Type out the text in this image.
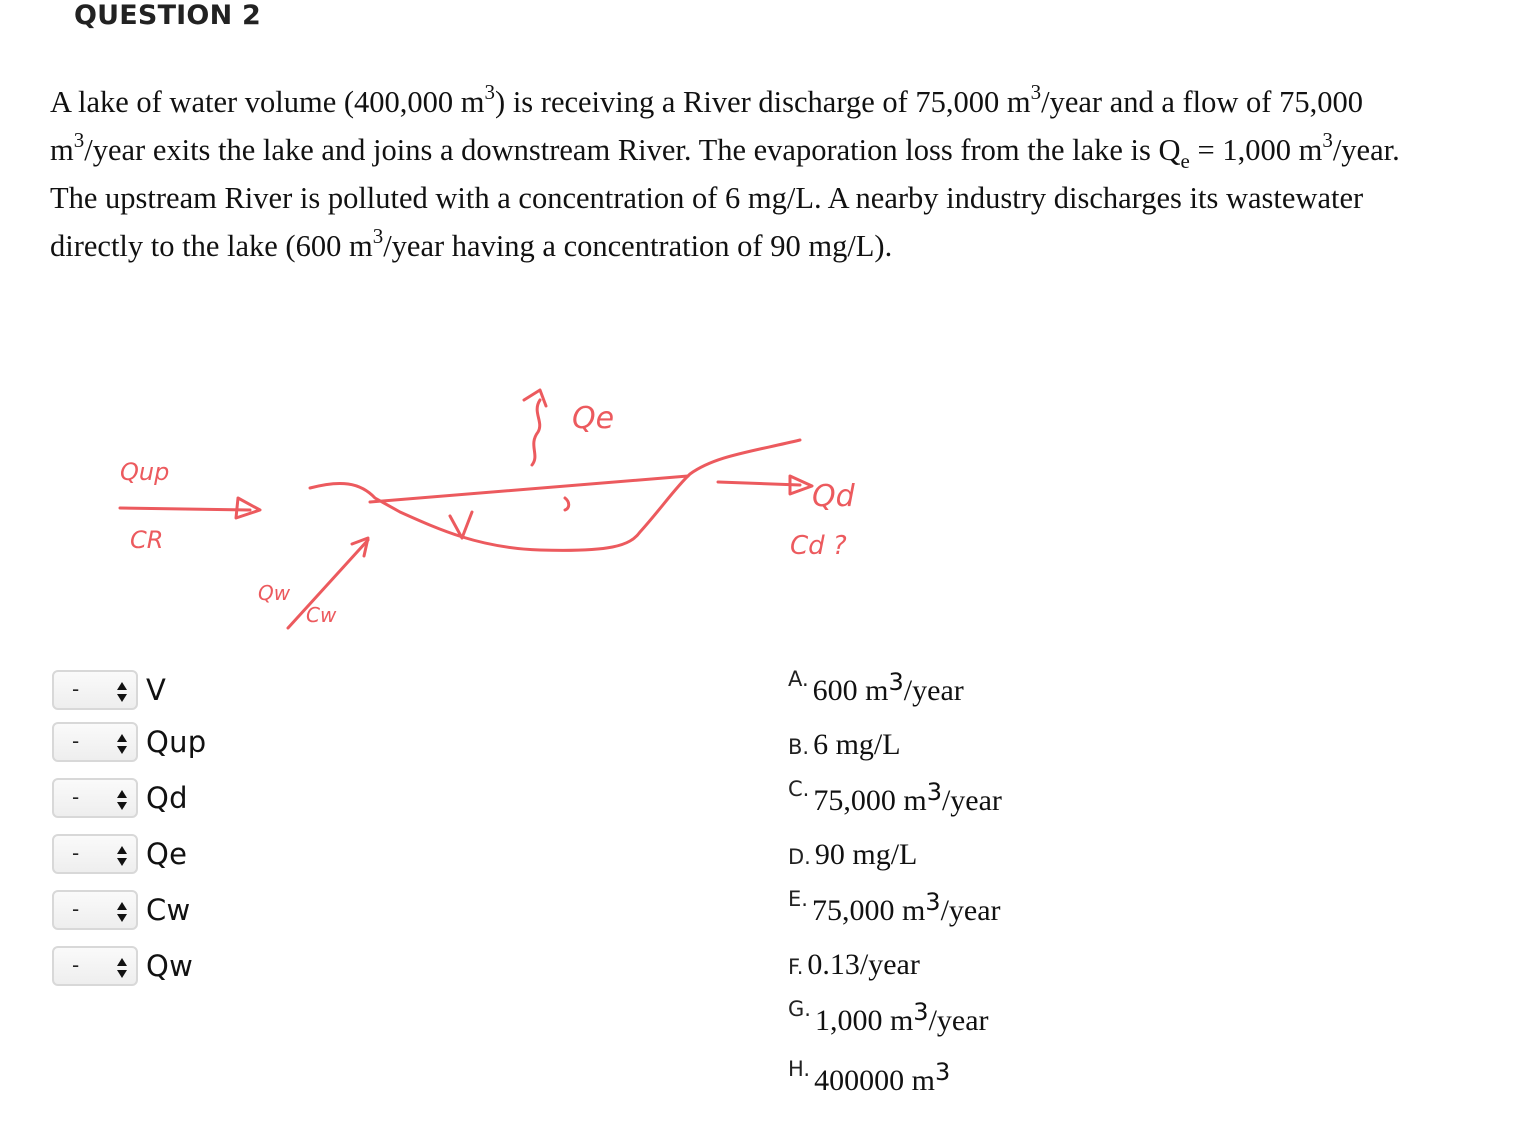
QUESTION 2
A lake of water volume (400,000 $m^3$) is receiving a River discharge of 75,000 $m^3$/year and a flow of 75,000
$m^3$/year exits the lake and joins a downstream River. The evaporation loss from the lake is $Q_e = 1,000$ $m^3$/year.
The upstream River is polluted with a concentration of 6 mg/L. A nearby industry discharges its wastewater
directly to the lake (600 $m^3$/year having a concentration of 90 mg/L).
Qup
CR
Qe
Qd
Cd ?
Qw
Cw
- V
- Qup
- Qd
- Qe
- Cw
- Qw
$^{A.}$ 600 $m^3$/year
B. 6 mg/L
$^{C.}$ 75,000 $m^3$/year
D. 90 mg/L
$^{E.}$ 75,000 $m^3$/year
F. 0.13/year
$^{G.}$ 1,000 $m^3$/year
$^{H.}$ 400000 $m^3$
